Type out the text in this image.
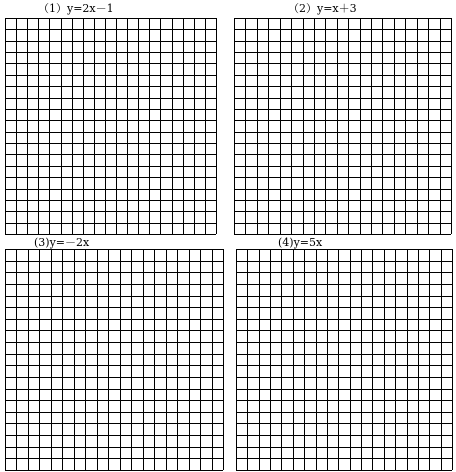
（1）y=2x－1	（2）y=x＋3
(3)y=－2x	(4)y=5x
